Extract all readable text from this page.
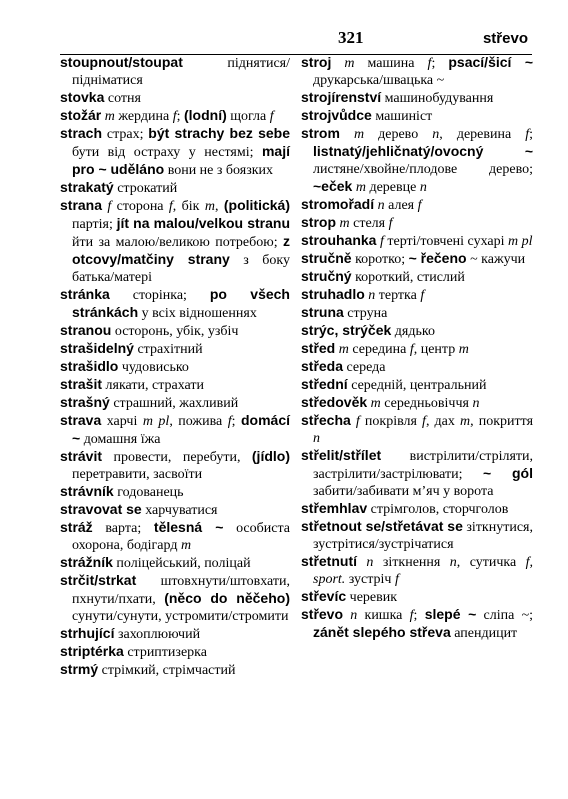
321	střevo

stoupnout/stoupat піднятися/ підніматися

stovka сотня

stožár m жердина f; (lodní) щогла f

strach страх; být strachy bez sebe бути від остраху у нестямі; mají pro ~ uděláno вони не з боязких

strakatý строкатий

strana f сторона f, бік m, (politická) партія; jít na malou/velkou stranu йти за малою/великою потребою; z otcovy/matčiny strany з боку батька/матері

stránka сторінка; po všech stránkách у всіх відношеннях

stranou осторонь, убік, узбіч

strašidelný страхітний

strašidlo чудовисько

strašit лякати, страхати

strašný страшний, жахливий

strava харчі m pl, пожива f; domácí ~ домашня їжа

strávit провести, перебути, (jídlo) перетравити, засвоїти

strávník годованець

stravovat se харчуватися

stráž варта; tělesná ~ особиста охорона, бодігард m

strážník поліцейський, поліцай

strčit/strkat штовхнути/штовхати, пхнути/пхати, (něco do něčeho) сунути/сунути, устромити/стромити

strhující захоплюючий

striptérka стриптизерка

strmý стрімкий, стрімчастий

stroj m машина f; psací/šicí ~ друкарська/швацька ~

strojírenství машинобудування

strojvůdce машиніст

strom m дерево n, деревина f; listnatý/jehličnatý/ovocný ~ листяне/хвойне/плодове дерево; ~eček m деревце n

stromořadí n алея f

strop m стеля f

strouhanka f терті/товчені сухарі m pl

stručně коротко; ~ řečeno ~ кажучи

stručný короткий, стислий

struhadlo n тертка f

struna струна

strýc, strýček дядько

střed m середина f, центр m

středa середа

střední середній, центральний

středověk m середньовіччя n

střecha f покрівля f, дах m, покриття n

střelit/střílet вистрілити/стріляти, застрілити/застрілювати; ~ gól забити/забивати м’яч у ворота

střemhlav стрімголов, сторчголов

střetnout se/střetávat se зіткнутися, зустрітися/зустрічатися

střetnutí n зіткнення n, сутичка f, sport. зустріч f

střevíc черевик

střevo n кишка f; slepé ~ сліпа ~; zánět slepého střeva апендицит
